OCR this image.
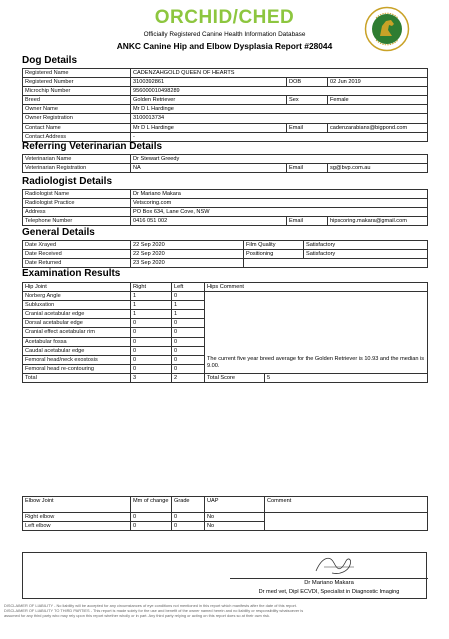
ORCHID/CHED
Officially Registered Canine Health Information Database
ANKC Canine Hip and Elbow Dysplasia Report #28044
Dog Details
Registered Name	CADENZAHGOLD QUEEN OF HEARTS		
Registered Number	3100392861	DOB	02 Jun 2019
Microchip Number	956000010498289		
Breed	Golden Retriever	Sex	Female
Owner Name	Mr D L Hardinge		
Owner Registration	3100013734		
Contact Name	Mr D L Hardinge	Email	cadenzarabians@bigpond.com
Contact Address	-		
Referring Veterinarian Details
Veterinarian Name	Dr Stewart Greedy		
Veterinarian Registration	NA	Email	sg@bvp.com.au
Radiologist Details
Radiologist Name	Dr Mariano Makara		
Radiologist Practice	Vetscoring.com		
Address	PO Box 634, Lane Cove, NSW		
Telephone Number	0416 051 002	Email	hipscoring.makara@gmail.com
General Details
Date Xrayed	22 Sep 2020	Film Quality	Satisfactory
Date Received	22 Sep 2020	Positioning	Satisfactory
Date Returned	23 Sep 2020		
Examination Results
Hip Joint	Right	Left	Hips Comment	
Norberg Angle	1	0		
Subluxation	1	1		
Cranial acetabular edge	1	1		
Dorsal acetabular edge	0	0		
Cranial effect acetabular rim	0	0		
Acetabular fossa	0	0		
Caudal acetabular edge	0	0		
Femoral head/neck exostosis	0	0	The current five year breed average for the Golden Retriever is 10.93 and the median is 9.00.	
Femoral head re-contouring	0	0		
Total	3	2	Total Score	5
Elbow Joint	Mm of change	Grade	UAP	Comment
Right elbow	0	0	No	
Left elbow	0	0	No	
Dr Mariano Makara
Dr med vet, Dipl ECVDI, Specialist in Diagnostic Imaging
DISCLAIMER OF LIABILITY - No liability will be accepted for any circumstances of eye conditions not mentioned in this report which manifests after the date of this report.
DISCLAIMER OF LIABILITY TO THIRD PARTIES - This report is made solely for the use and benefit of the owner named herein and no liability or responsibility whatsoever is
assumed for any third party who may rely upon this report whether wholly or in part. Any third party relying or acting on this report does so at their own risk.
